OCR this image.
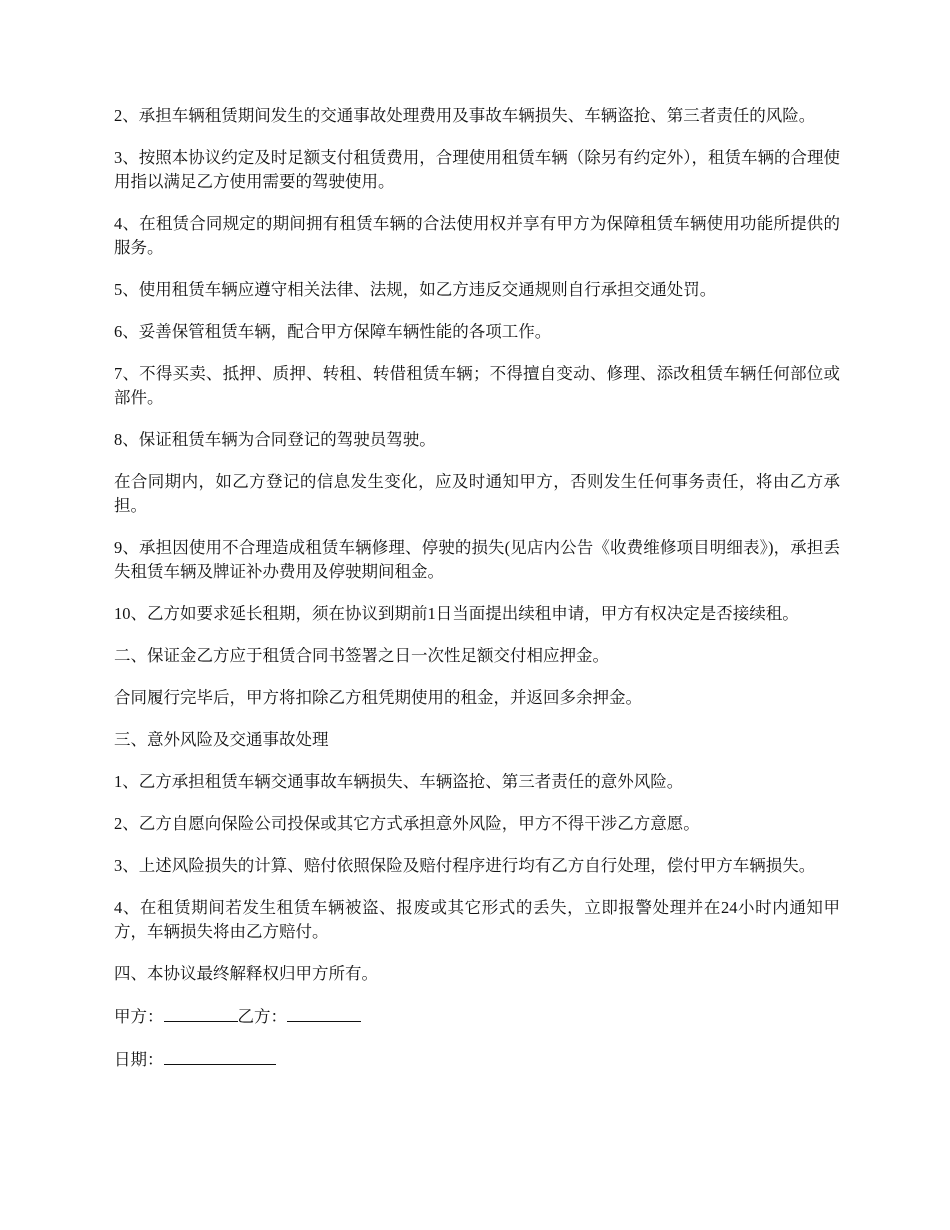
2、承担车辆租赁期间发生的交通事故处理费用及事故车辆损失、车辆盗抢、第三者责任的风险。

3、按照本协议约定及时足额支付租赁费用，合理使用租赁车辆（除另有约定外），租赁车辆的合理使用指以满足乙方使用需要的驾驶使用。

4、在租赁合同规定的期间拥有租赁车辆的合法使用权并享有甲方为保障租赁车辆使用功能所提供的服务。

5、使用租赁车辆应遵守相关法律、法规，如乙方违反交通规则自行承担交通处罚。

6、妥善保管租赁车辆，配合甲方保障车辆性能的各项工作。

7、不得买卖、抵押、质押、转租、转借租赁车辆；不得擅自变动、修理、添改租赁车辆任何部位或部件。

8、保证租赁车辆为合同登记的驾驶员驾驶。

在合同期内，如乙方登记的信息发生变化，应及时通知甲方，否则发生任何事务责任，将由乙方承担。

9、承担因使用不合理造成租赁车辆修理、停驶的损失(见店内公告《收费维修项目明细表》)，承担丢失租赁车辆及牌证补办费用及停驶期间租金。

10、乙方如要求延长租期，须在协议到期前1日当面提出续租申请，甲方有权决定是否接续租。

二、保证金乙方应于租赁合同书签署之日一次性足额交付相应押金。

合同履行完毕后，甲方将扣除乙方租凭期使用的租金，并返回多余押金。

三、意外风险及交通事故处理

1、乙方承担租赁车辆交通事故车辆损失、车辆盗抢、第三者责任的意外风险。

2、乙方自愿向保险公司投保或其它方式承担意外风险，甲方不得干涉乙方意愿。

3、上述风险损失的计算、赔付依照保险及赔付程序进行均有乙方自行处理，偿付甲方车辆损失。

4、在租赁期间若发生租赁车辆被盗、报废或其它形式的丢失，立即报警处理并在24小时内通知甲方，车辆损失将由乙方赔付。

四、本协议最终解释权归甲方所有。

甲方：	乙方：

日期：
